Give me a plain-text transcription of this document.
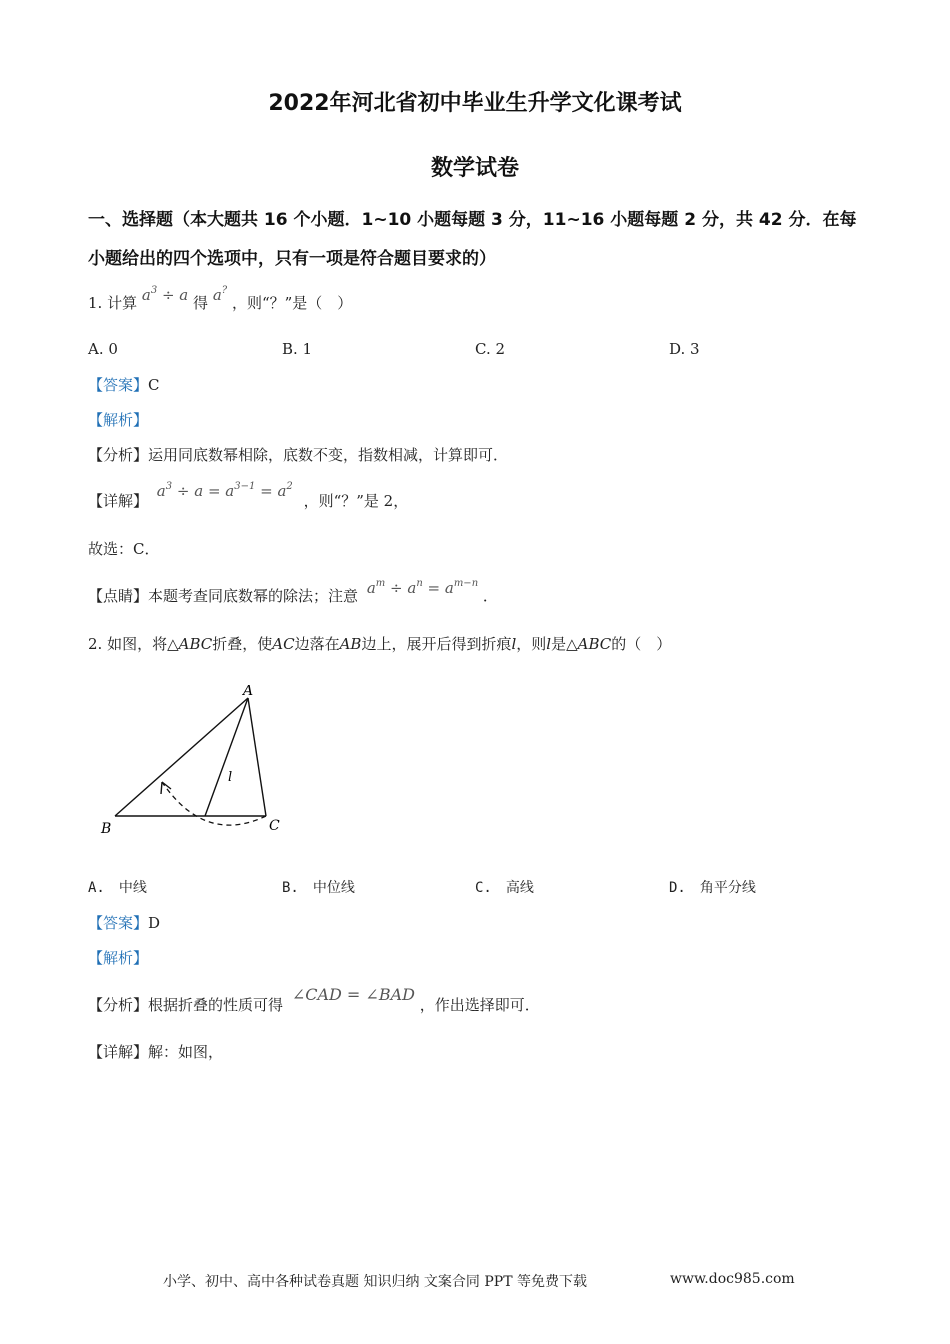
2022年河北省初中毕业生升学文化课考试
数学试卷
一、选择题（本大题共 16 个小题．1~10 小题每题 3 分，11~16 小题每题 2 分，共 42 分．在每
小题给出的四个选项中，只有一项是符合题目要求的）
1. 计算 $a^3 \div a$ 得 a? ，则“？”是（　）
A. 0	B. 1	C. 2	D. 3
【答案】C
【解析】
【分析】运用同底数幂相除，底数不变，指数相减，计算即可．
【详解】 $a^3 \div a = a^{3-1} = a^2$ ，则“？”是 2，
故选：C．
【点睛】本题考查同底数幂的除法；注意 $a^m \div a^n = a^{m-n}$ ．
2. 如图，将△ABC折叠，使AC边落在AB边上，展开后得到折痕l，则l是△ABC的（　）
A
B	C
l
A.　中线	B.　中位线	C.　高线	D.　角平分线
【答案】D
【解析】
【分析】根据折叠的性质可得 ∠CAD = ∠BAD ，作出选择即可．
【详解】解：如图，
小学、初中、高中各种试卷真题 知识归纳 文案合同 PPT 等免费下载	www.doc985.com
